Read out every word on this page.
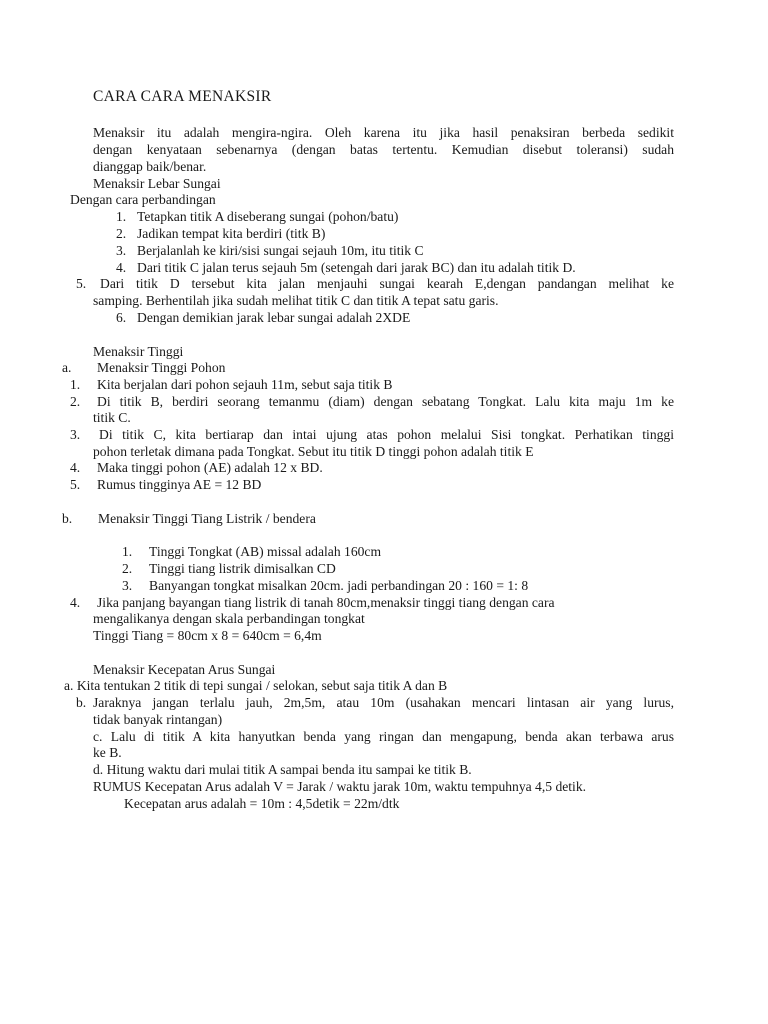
CARA CARA MENAKSIR
Menaksir itu adalah mengira-ngira. Oleh karena itu jika hasil penaksiran berbeda sedikit
dengan kenyataan sebenarnya (dengan batas tertentu. Kemudian disebut toleransi) sudah
dianggap baik/benar.
Menaksir Lebar Sungai
Dengan cara perbandingan
1. Tetapkan titik A diseberang sungai (pohon/batu)
2. Jadikan tempat kita berdiri (titk B)
3. Berjalanlah ke kiri/sisi sungai sejauh 10m, itu titik C
4. Dari titik C jalan terus sejauh 5m (setengah dari jarak BC) dan itu adalah titik D.
5. Dari titik D tersebut kita jalan menjauhi sungai kearah E,dengan pandangan melihat ke
samping. Berhentilah jika sudah melihat titik C dan titik A tepat satu garis.
6. Dengan demikian jarak lebar sungai adalah 2XDE
Menaksir Tinggi
a. Menaksir Tinggi Pohon
1. Kita berjalan dari pohon sejauh 11m, sebut saja titik B
2. Di titik B, berdiri seorang temanmu (diam) dengan sebatang Tongkat. Lalu kita maju 1m ke
titik C.
3. Di titik C, kita bertiarap dan intai ujung atas pohon melalui Sisi tongkat. Perhatikan tinggi
pohon terletak dimana pada Tongkat. Sebut itu titik D tinggi pohon adalah titik E
4. Maka tinggi pohon (AE) adalah 12 x BD.
5. Rumus tingginya AE = 12 BD
b. Menaksir Tinggi Tiang Listrik / bendera
1. Tinggi Tongkat (AB) missal adalah 160cm
2. Tinggi tiang listrik dimisalkan CD
3. Banyangan tongkat misalkan 20cm. jadi perbandingan 20 : 160 = 1: 8
4. Jika panjang bayangan tiang listrik di tanah 80cm,menaksir tinggi tiang dengan cara
mengalikanya dengan skala perbandingan tongkat
Tinggi Tiang = 80cm x 8 = 640cm = 6,4m
Menaksir Kecepatan Arus Sungai
a. Kita tentukan 2 titik di tepi sungai / selokan, sebut saja titik A dan B
b. Jaraknya jangan terlalu jauh, 2m,5m, atau 10m (usahakan mencari lintasan air yang lurus,
tidak banyak rintangan)
c. Lalu di titik A kita hanyutkan benda yang ringan dan mengapung, benda akan terbawa arus
ke B.
d. Hitung waktu dari mulai titik A sampai benda itu sampai ke titik B.
RUMUS Kecepatan Arus adalah V = Jarak / waktu jarak 10m, waktu tempuhnya 4,5 detik.
Kecepatan arus adalah = 10m : 4,5detik = 22m/dtk
